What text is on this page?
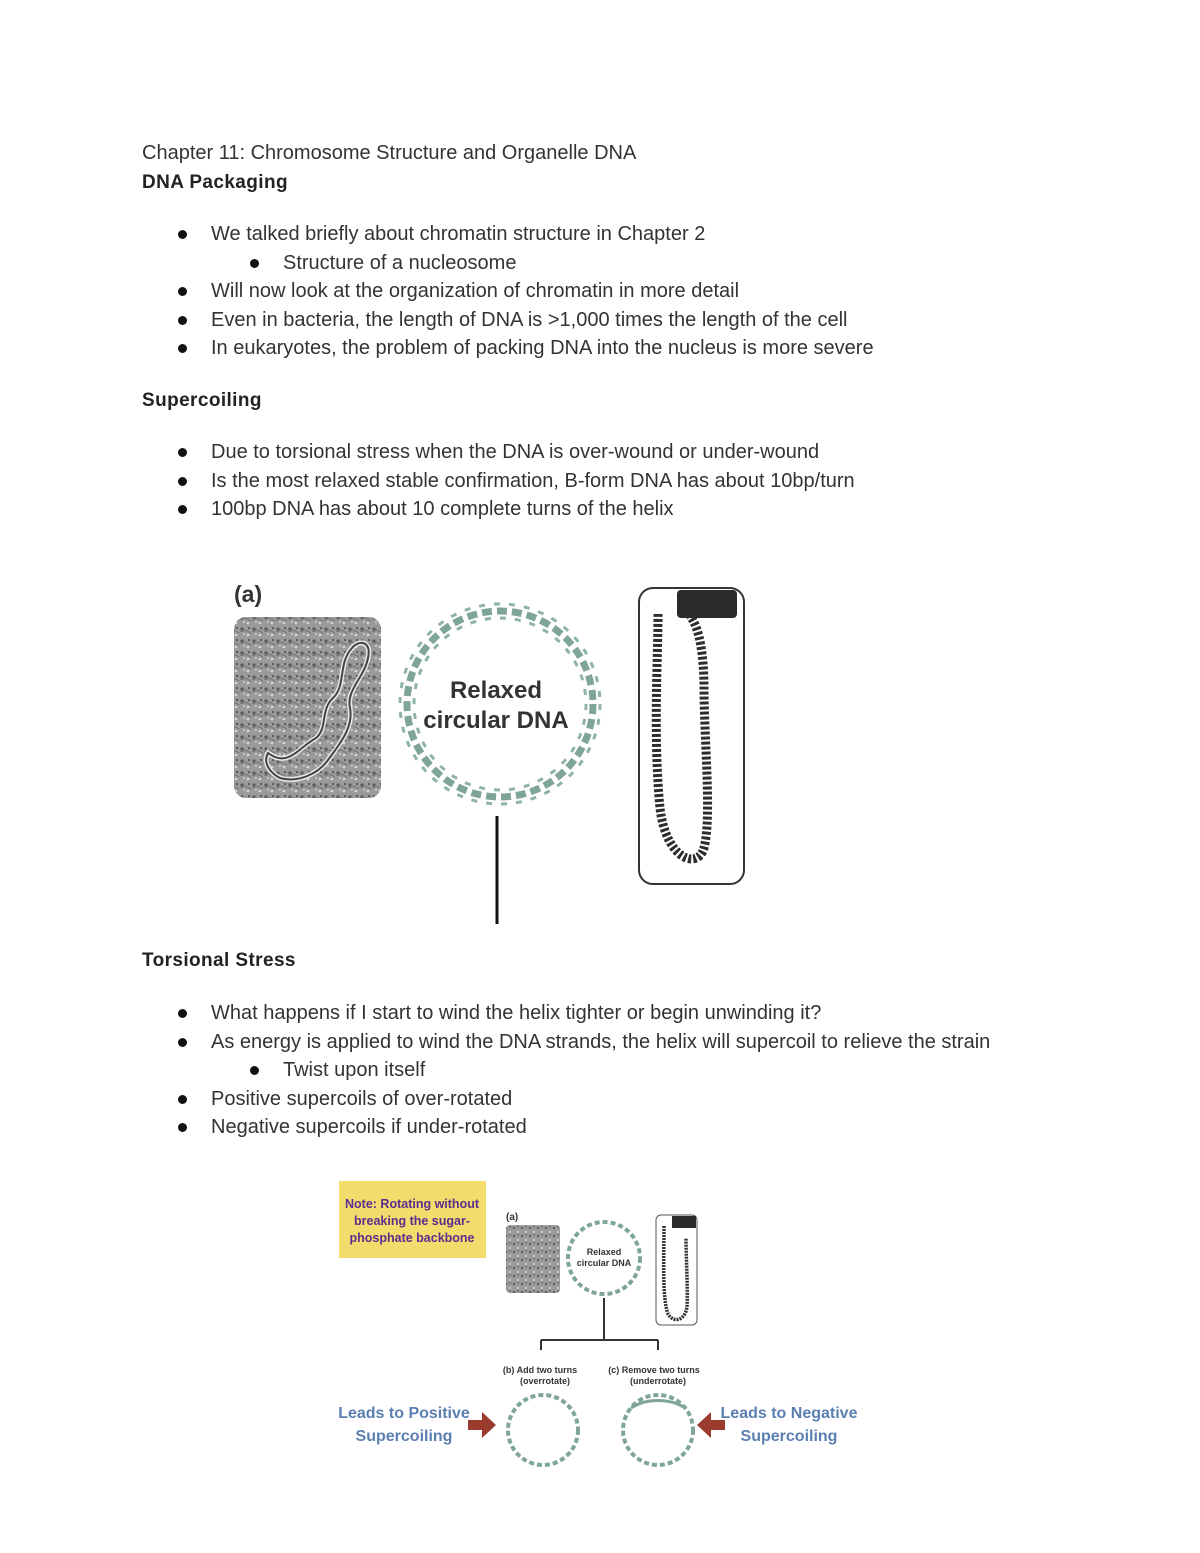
Chapter 11: Chromosome Structure and Organelle DNA
DNA Packaging
We talked briefly about chromatin structure in Chapter 2
Structure of a nucleosome
Will now look at the organization of chromatin in more detail
Even in bacteria, the length of DNA is >1,000 times the length of the cell
In eukaryotes, the problem of packing DNA into the nucleus is more severe
Supercoiling
Due to torsional stress when the DNA is over-wound or under-wound
Is the most relaxed stable confirmation, B-form DNA has about 10bp/turn
100bp DNA has about 10 complete turns of the helix
(a)
Relaxed
circular DNA
Torsional Stress
What happens if I start to wind the helix tighter or begin unwinding it?
As energy is applied to wind the DNA strands, the helix will supercoil to relieve the strain
Twist upon itself
Positive supercoils of over-rotated
Negative supercoils if under-rotated
Note: Rotating without
breaking the sugar-
phosphate backbone
(a)
Relaxed
circular DNA
(b) Add two turns
(overrotate)
(c) Remove two turns
(underrotate)
Leads to Positive
Supercoiling
Leads to Negative
Supercoiling
